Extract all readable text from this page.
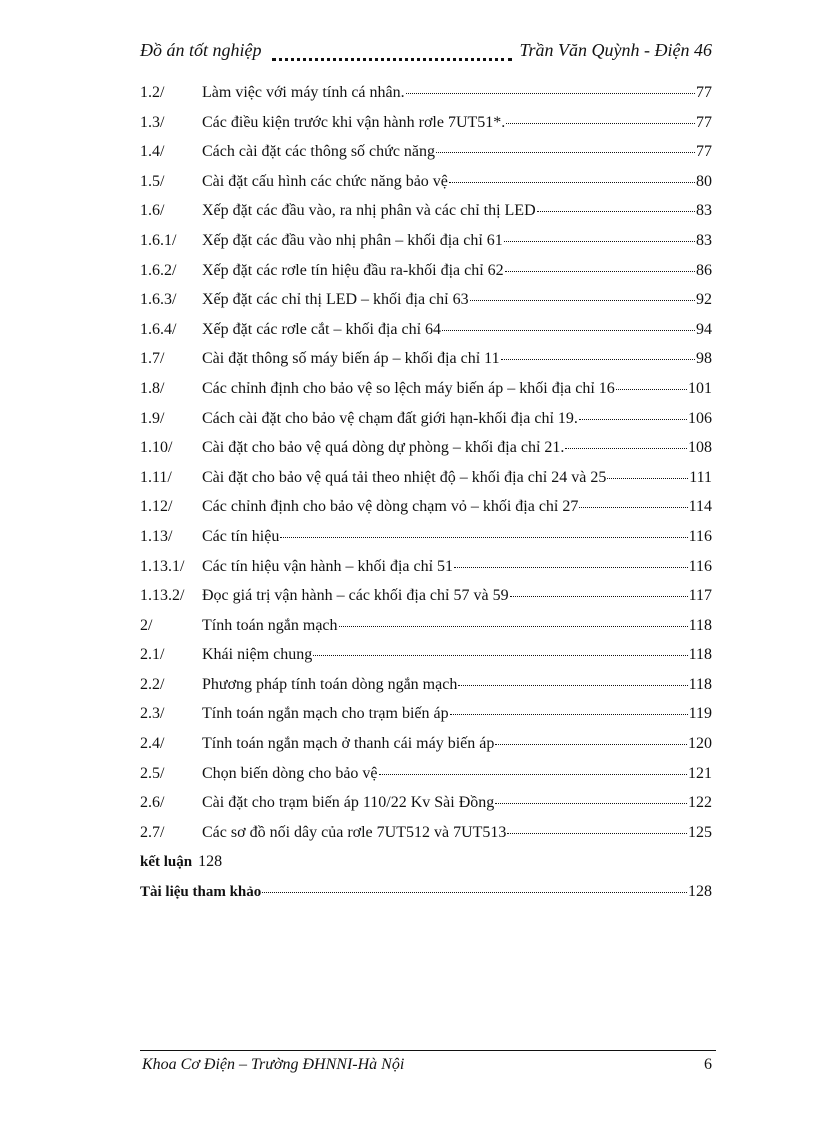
Đồ án tốt nghiệp	Trần Văn Quỳnh - Điện 46
1.2/	Làm việc với máy tính cá nhân.	77
1.3/	Các điều kiện trước khi vận hành rơle 7UT51*.	77
1.4/	Cách cài đặt các thông số chức năng	77
1.5/	Cài đặt cấu hình các chức năng bảo vệ	80
1.6/	Xếp đặt các đầu vào, ra nhị phân và các chỉ thị LED	83
1.6.1/	Xếp đặt các đầu vào nhị phân – khối địa chỉ 61	83
1.6.2/	Xếp đặt các rơle tín hiệu đầu ra-khối địa chỉ 62	86
1.6.3/	Xếp đặt các chỉ thị LED – khối địa chỉ 63	92
1.6.4/	Xếp đặt các rơle cắt – khối địa chỉ 64	94
1.7/	Cài đặt thông số máy biến áp – khối địa chỉ 11	98
1.8/	Các chỉnh định cho bảo vệ so lệch máy biến áp – khối địa chỉ 16	101
1.9/	Cách cài đặt cho bảo vệ chạm đất giới hạn-khối địa chỉ 19.	106
1.10/	Cài đặt cho bảo vệ quá dòng dự phòng – khối địa chỉ 21.	108
1.11/	Cài đặt cho bảo vệ quá tải theo nhiệt độ – khối địa chỉ 24 và 25	111
1.12/	Các chỉnh định cho bảo vệ dòng chạm vỏ – khối địa chỉ 27	114
1.13/	Các tín hiệu	116
1.13.1/	Các tín hiệu vận hành – khối địa chỉ 51	116
1.13.2/	Đọc giá trị vận hành – các khối địa chỉ 57 và 59	117
2/	Tính toán ngắn mạch	118
2.1/	Khái niệm chung	118
2.2/	Phương pháp tính toán dòng ngắn mạch	118
2.3/	Tính toán ngắn mạch cho trạm biến áp	119
2.4/	Tính toán ngắn mạch ở thanh cái máy biến áp	120
2.5/	Chọn biến dòng cho bảo vệ	121
2.6/	Cài đặt cho trạm biến áp 110/22 Kv Sài Đồng	122
2.7/	Các sơ đồ nối dây của rơle 7UT512 và 7UT513	125
kết luận 128
Tài liệu tham khảo	128
Khoa Cơ Điện – Trường ĐHNNI-Hà Nội	6
